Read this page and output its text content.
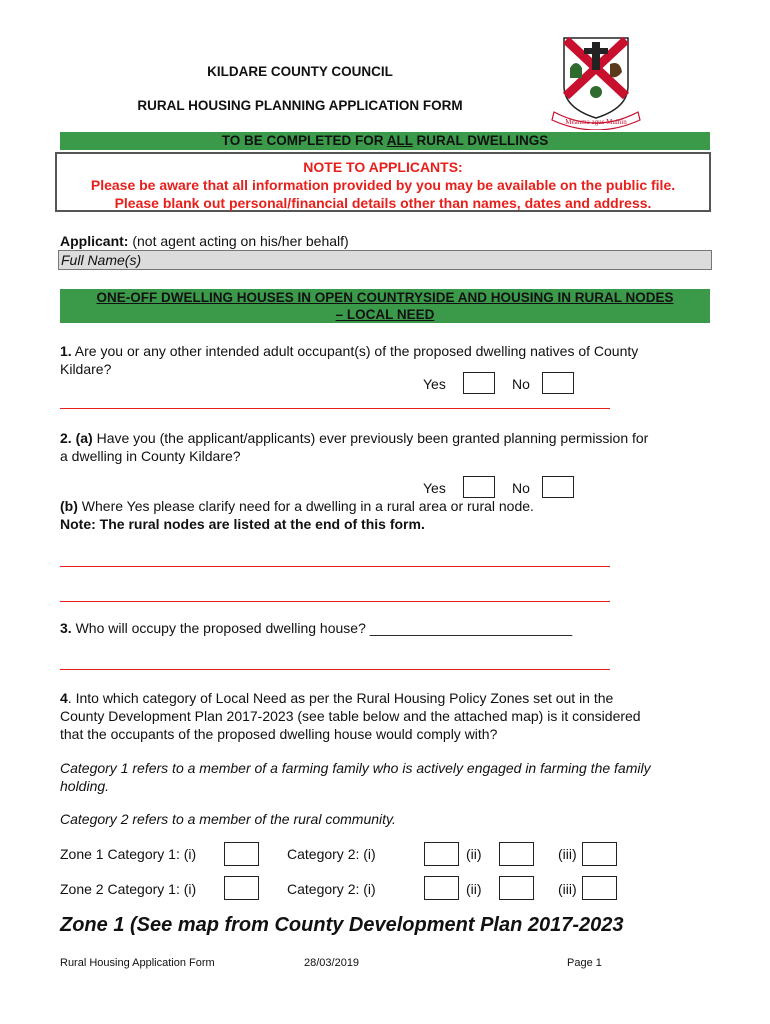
KILDARE COUNTY COUNCIL
RURAL HOUSING PLANNING APPLICATION FORM
Meanma agus Muinín
TO BE COMPLETED FOR ALL RURAL DWELLINGS
NOTE TO APPLICANTS:
Please be aware that all information provided by you may be available on the public file.
Please blank out personal/financial details other than names, dates and address.
Applicant: (not agent acting on his/her behalf)
Full Name(s)
ONE-OFF DWELLING HOUSES IN OPEN COUNTRYSIDE AND HOUSING IN RURAL NODES
– LOCAL NEED
1. Are you or any other intended adult occupant(s) of the proposed dwelling natives of County
Kildare?
Yes	No
2. (a) Have you (the applicant/applicants) ever previously been granted planning permission for
a dwelling in County Kildare?
Yes	No
(b) Where Yes please clarify need for a dwelling in a rural area or rural node.
Note: The rural nodes are listed at the end of this form.
3. Who will occupy the proposed dwelling house? __________________________
4. Into which category of Local Need as per the Rural Housing Policy Zones set out in the
County Development Plan 2017-2023 (see table below and the attached map) is it considered
that the occupants of the proposed dwelling house would comply with?
Category 1 refers to a member of a farming family who is actively engaged in farming the family
holding.
Category 2 refers to a member of the rural community.
Zone 1 Category 1: (i)	Category 2: (i)	(ii)	(iii)
Zone 2 Category 1: (i)	Category 2: (i)	(ii)	(iii)
Zone 1 (See map from County Development Plan 2017-2023
Rural Housing Application Form	28/03/2019	Page 1
